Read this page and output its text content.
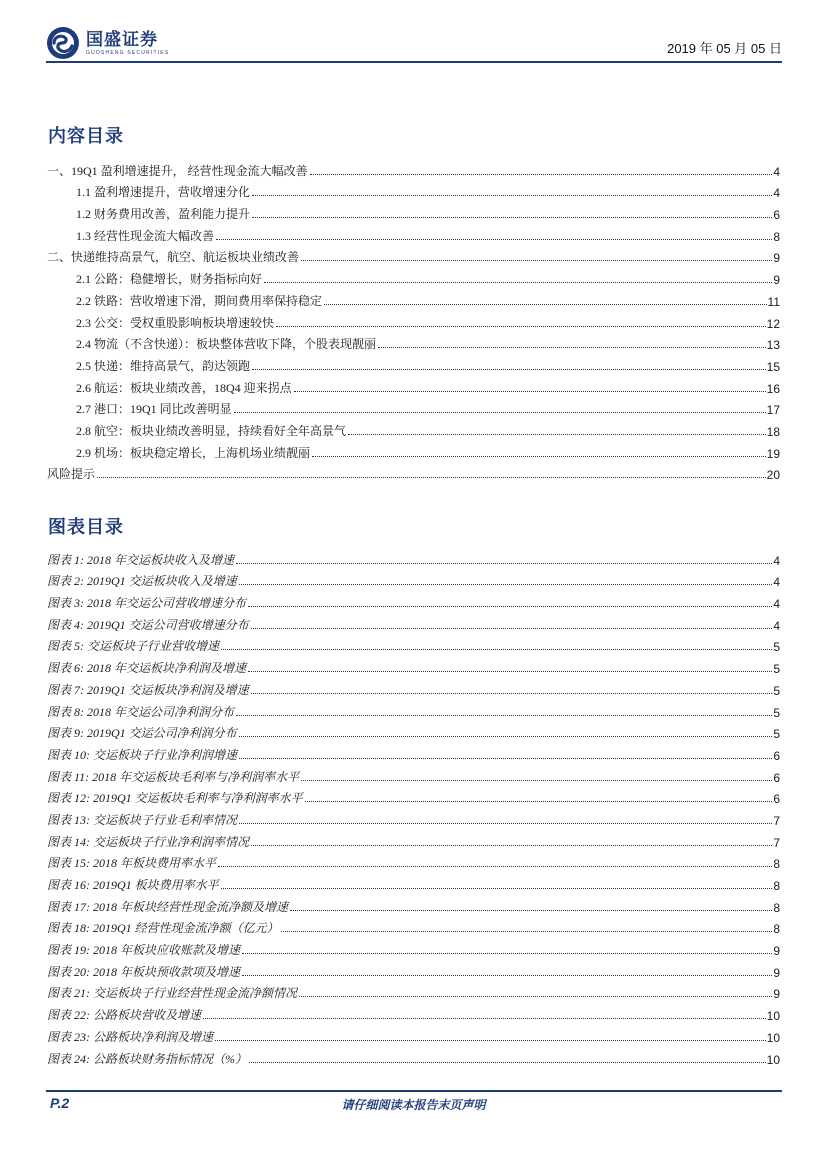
国盛证券
GUOSHENG SECURITIES	2019 年 05 月 05 日
内容目录
一、19Q1 盈利增速提升， 经营性现金流大幅改善	4
1.1 盈利增速提升，营收增速分化	4
1.2 财务费用改善，盈利能力提升	6
1.3 经营性现金流大幅改善	8
二、快递维持高景气，航空、航运板块业绩改善	9
2.1 公路：稳健增长，财务指标向好	9
2.2 铁路：营收增速下滑，期间费用率保持稳定	11
2.3 公交：受权重股影响板块增速较快	12
2.4 物流（不含快递）：板块整体营收下降，个股表现靓丽	13
2.5 快递：维持高景气，韵达领跑	15
2.6 航运：板块业绩改善，18Q4 迎来拐点	16
2.7 港口：19Q1 同比改善明显	17
2.8 航空：板块业绩改善明显，持续看好全年高景气	18
2.9 机场：板块稳定增长，上海机场业绩靓丽	19
风险提示	20
图表目录
图表 1: 2018 年交运板块收入及增速	4
图表 2: 2019Q1 交运板块收入及增速	4
图表 3: 2018 年交运公司营收增速分布	4
图表 4: 2019Q1 交运公司营收增速分布	4
图表 5: 交运板块子行业营收增速	5
图表 6: 2018 年交运板块净利润及增速	5
图表 7: 2019Q1 交运板块净利润及增速	5
图表 8: 2018 年交运公司净利润分布	5
图表 9: 2019Q1 交运公司净利润分布	5
图表 10: 交运板块子行业净利润增速	6
图表 11: 2018 年交运板块毛利率与净利润率水平	6
图表 12: 2019Q1 交运板块毛利率与净利润率水平	6
图表 13: 交运板块子行业毛利率情况	7
图表 14: 交运板块子行业净利润率情况	7
图表 15: 2018 年板块费用率水平	8
图表 16: 2019Q1 板块费用率水平	8
图表 17: 2018 年板块经营性现金流净额及增速	8
图表 18: 2019Q1 经营性现金流净额（亿元）	8
图表 19: 2018 年板块应收账款及增速	9
图表 20: 2018 年板块预收款项及增速	9
图表 21: 交运板块子行业经营性现金流净额情况	9
图表 22: 公路板块营收及增速	10
图表 23: 公路板块净利润及增速	10
图表 24: 公路板块财务指标情况（%）	10
P.2	请仔细阅读本报告末页声明
